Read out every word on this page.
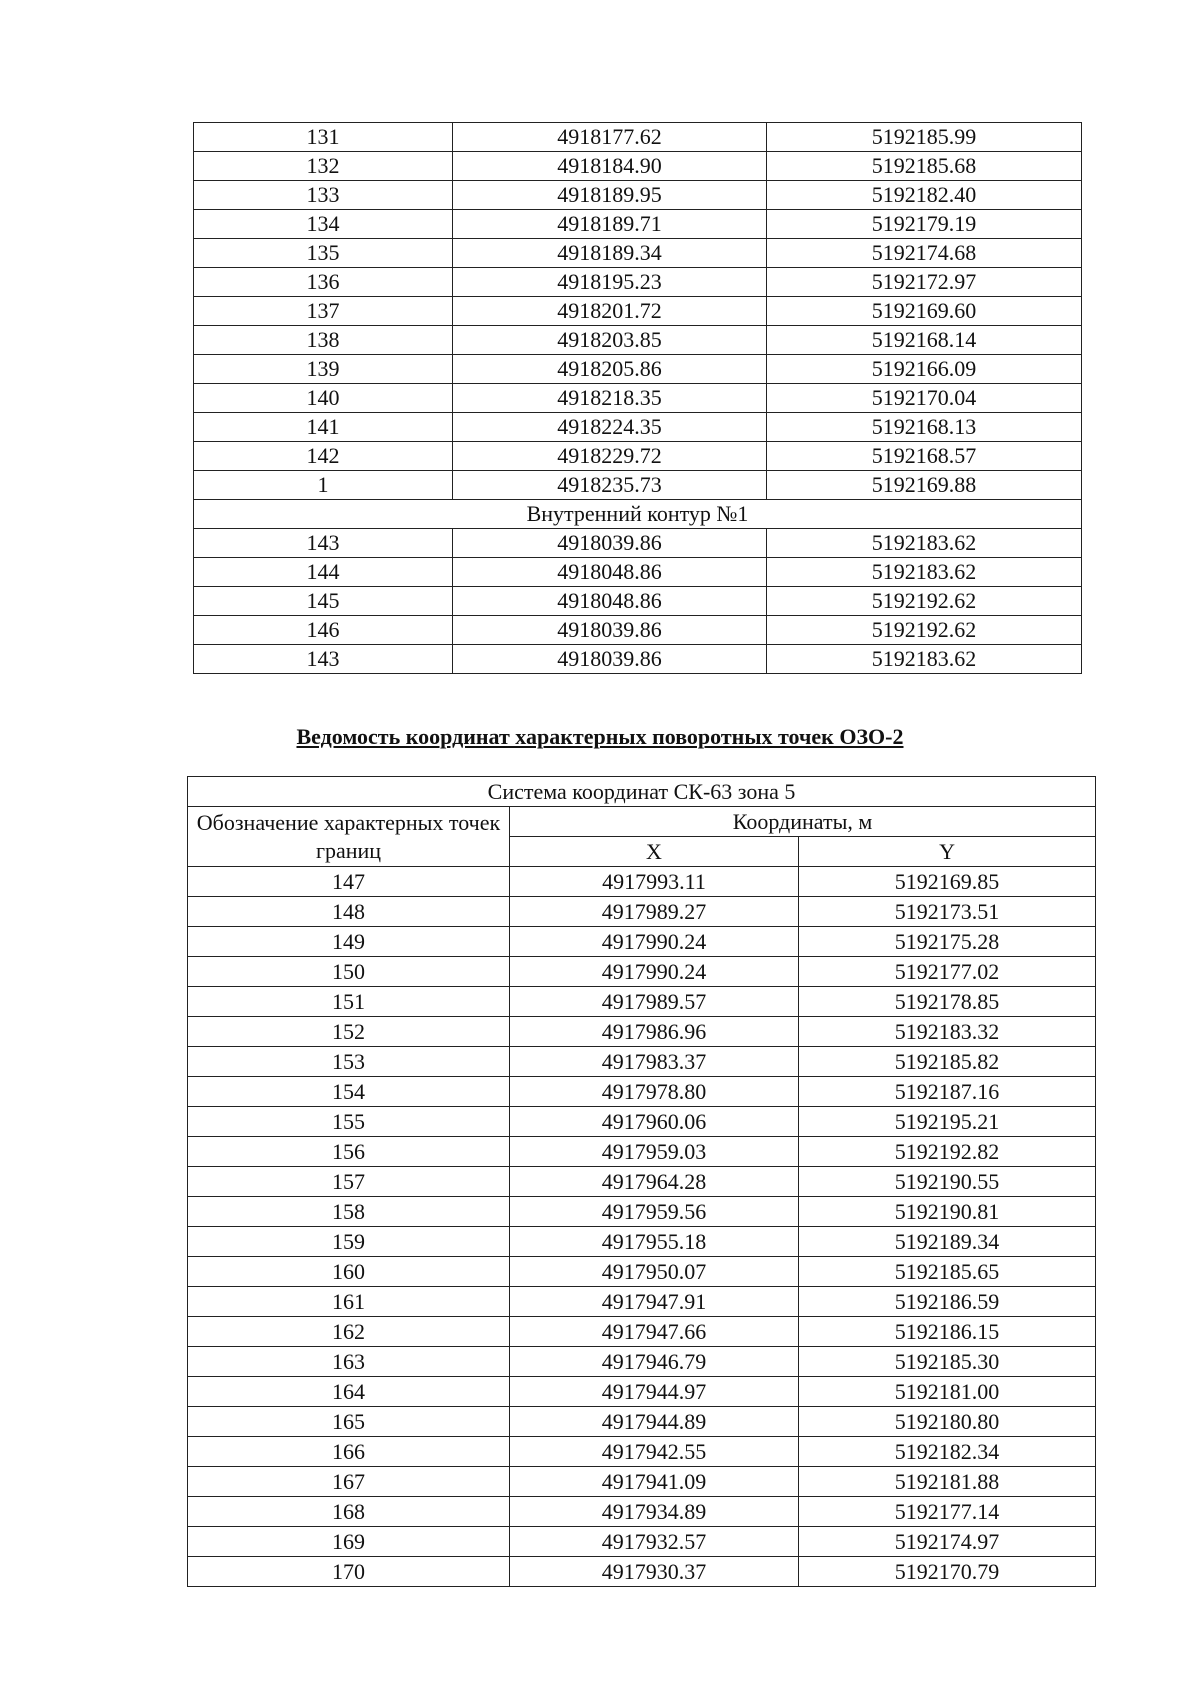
131	4918177.62	5192185.99
132	4918184.90	5192185.68
133	4918189.95	5192182.40
134	4918189.71	5192179.19
135	4918189.34	5192174.68
136	4918195.23	5192172.97
137	4918201.72	5192169.60
138	4918203.85	5192168.14
139	4918205.86	5192166.09
140	4918218.35	5192170.04
141	4918224.35	5192168.13
142	4918229.72	5192168.57
1	4918235.73	5192169.88
Внутренний контур №1		
143	4918039.86	5192183.62
144	4918048.86	5192183.62
145	4918048.86	5192192.62
146	4918039.86	5192192.62
143	4918039.86	5192183.62
Ведомость координат характерных поворотных точек ОЗО-2
Система координат СК-63 зона 5		
Обозначение характерных точек границ	Координаты, м	
	X	Y
147	4917993.11	5192169.85
148	4917989.27	5192173.51
149	4917990.24	5192175.28
150	4917990.24	5192177.02
151	4917989.57	5192178.85
152	4917986.96	5192183.32
153	4917983.37	5192185.82
154	4917978.80	5192187.16
155	4917960.06	5192195.21
156	4917959.03	5192192.82
157	4917964.28	5192190.55
158	4917959.56	5192190.81
159	4917955.18	5192189.34
160	4917950.07	5192185.65
161	4917947.91	5192186.59
162	4917947.66	5192186.15
163	4917946.79	5192185.30
164	4917944.97	5192181.00
165	4917944.89	5192180.80
166	4917942.55	5192182.34
167	4917941.09	5192181.88
168	4917934.89	5192177.14
169	4917932.57	5192174.97
170	4917930.37	5192170.79
